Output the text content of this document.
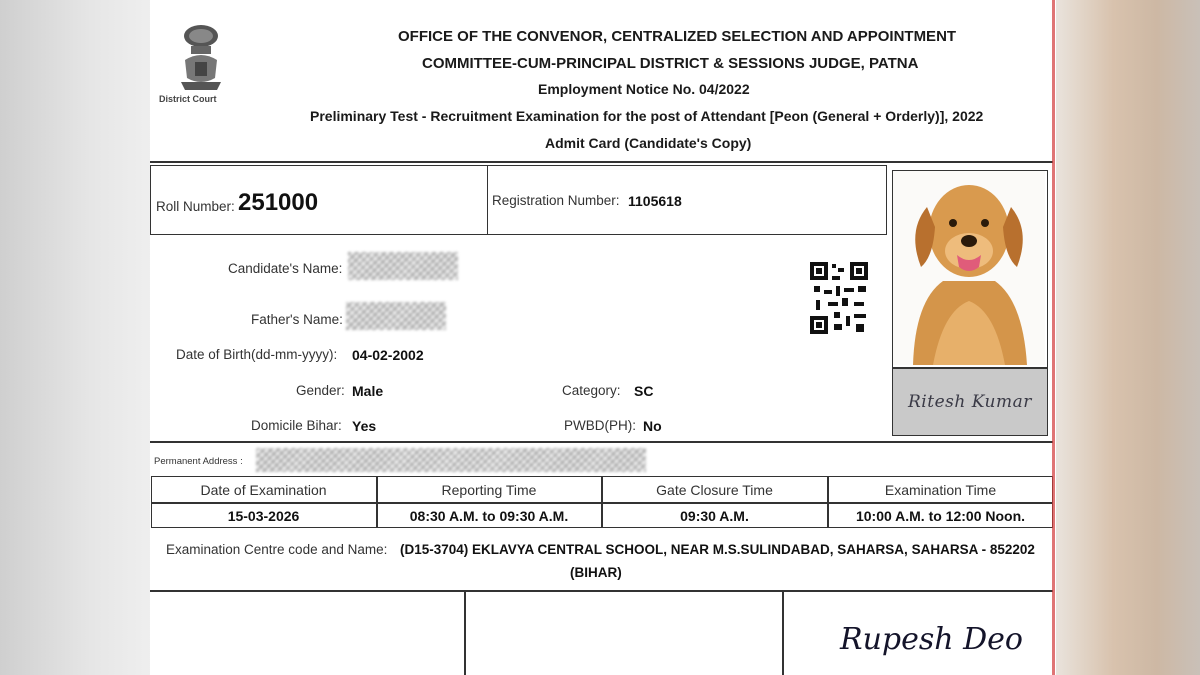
District Court
OFFICE OF THE CONVENOR, CENTRALIZED SELECTION AND APPOINTMENT
COMMITTEE-CUM-PRINCIPAL DISTRICT & SESSIONS JUDGE, PATNA
Employment Notice No. 04/2022
Preliminary Test - Recruitment Examination for the post of Attendant [Peon (General + Orderly)], 2022
Admit Card (Candidate's Copy)
Roll Number: 251000	Registration Number: 1105618
Ritesh Kumar
Candidate's Name:
Father's Name:
Date of Birth(dd-mm-yyyy): 04-02-2002
Gender: Male	Category: SC
Domicile Bihar: Yes	PWBD(PH): No
Permanent Address :
Date of Examination	Reporting Time	Gate Closure Time	Examination Time
15-03-2026	08:30 A.M. to 09:30 A.M.	09:30 A.M.	10:00 A.M. to 12:00 Noon.
Examination Centre code and Name: (D15-3704) EKLAVYA CENTRAL SCHOOL, NEAR M.S.SULINDABAD, SAHARSA, SAHARSA - 852202
(BIHAR)
Rupesh Deo
